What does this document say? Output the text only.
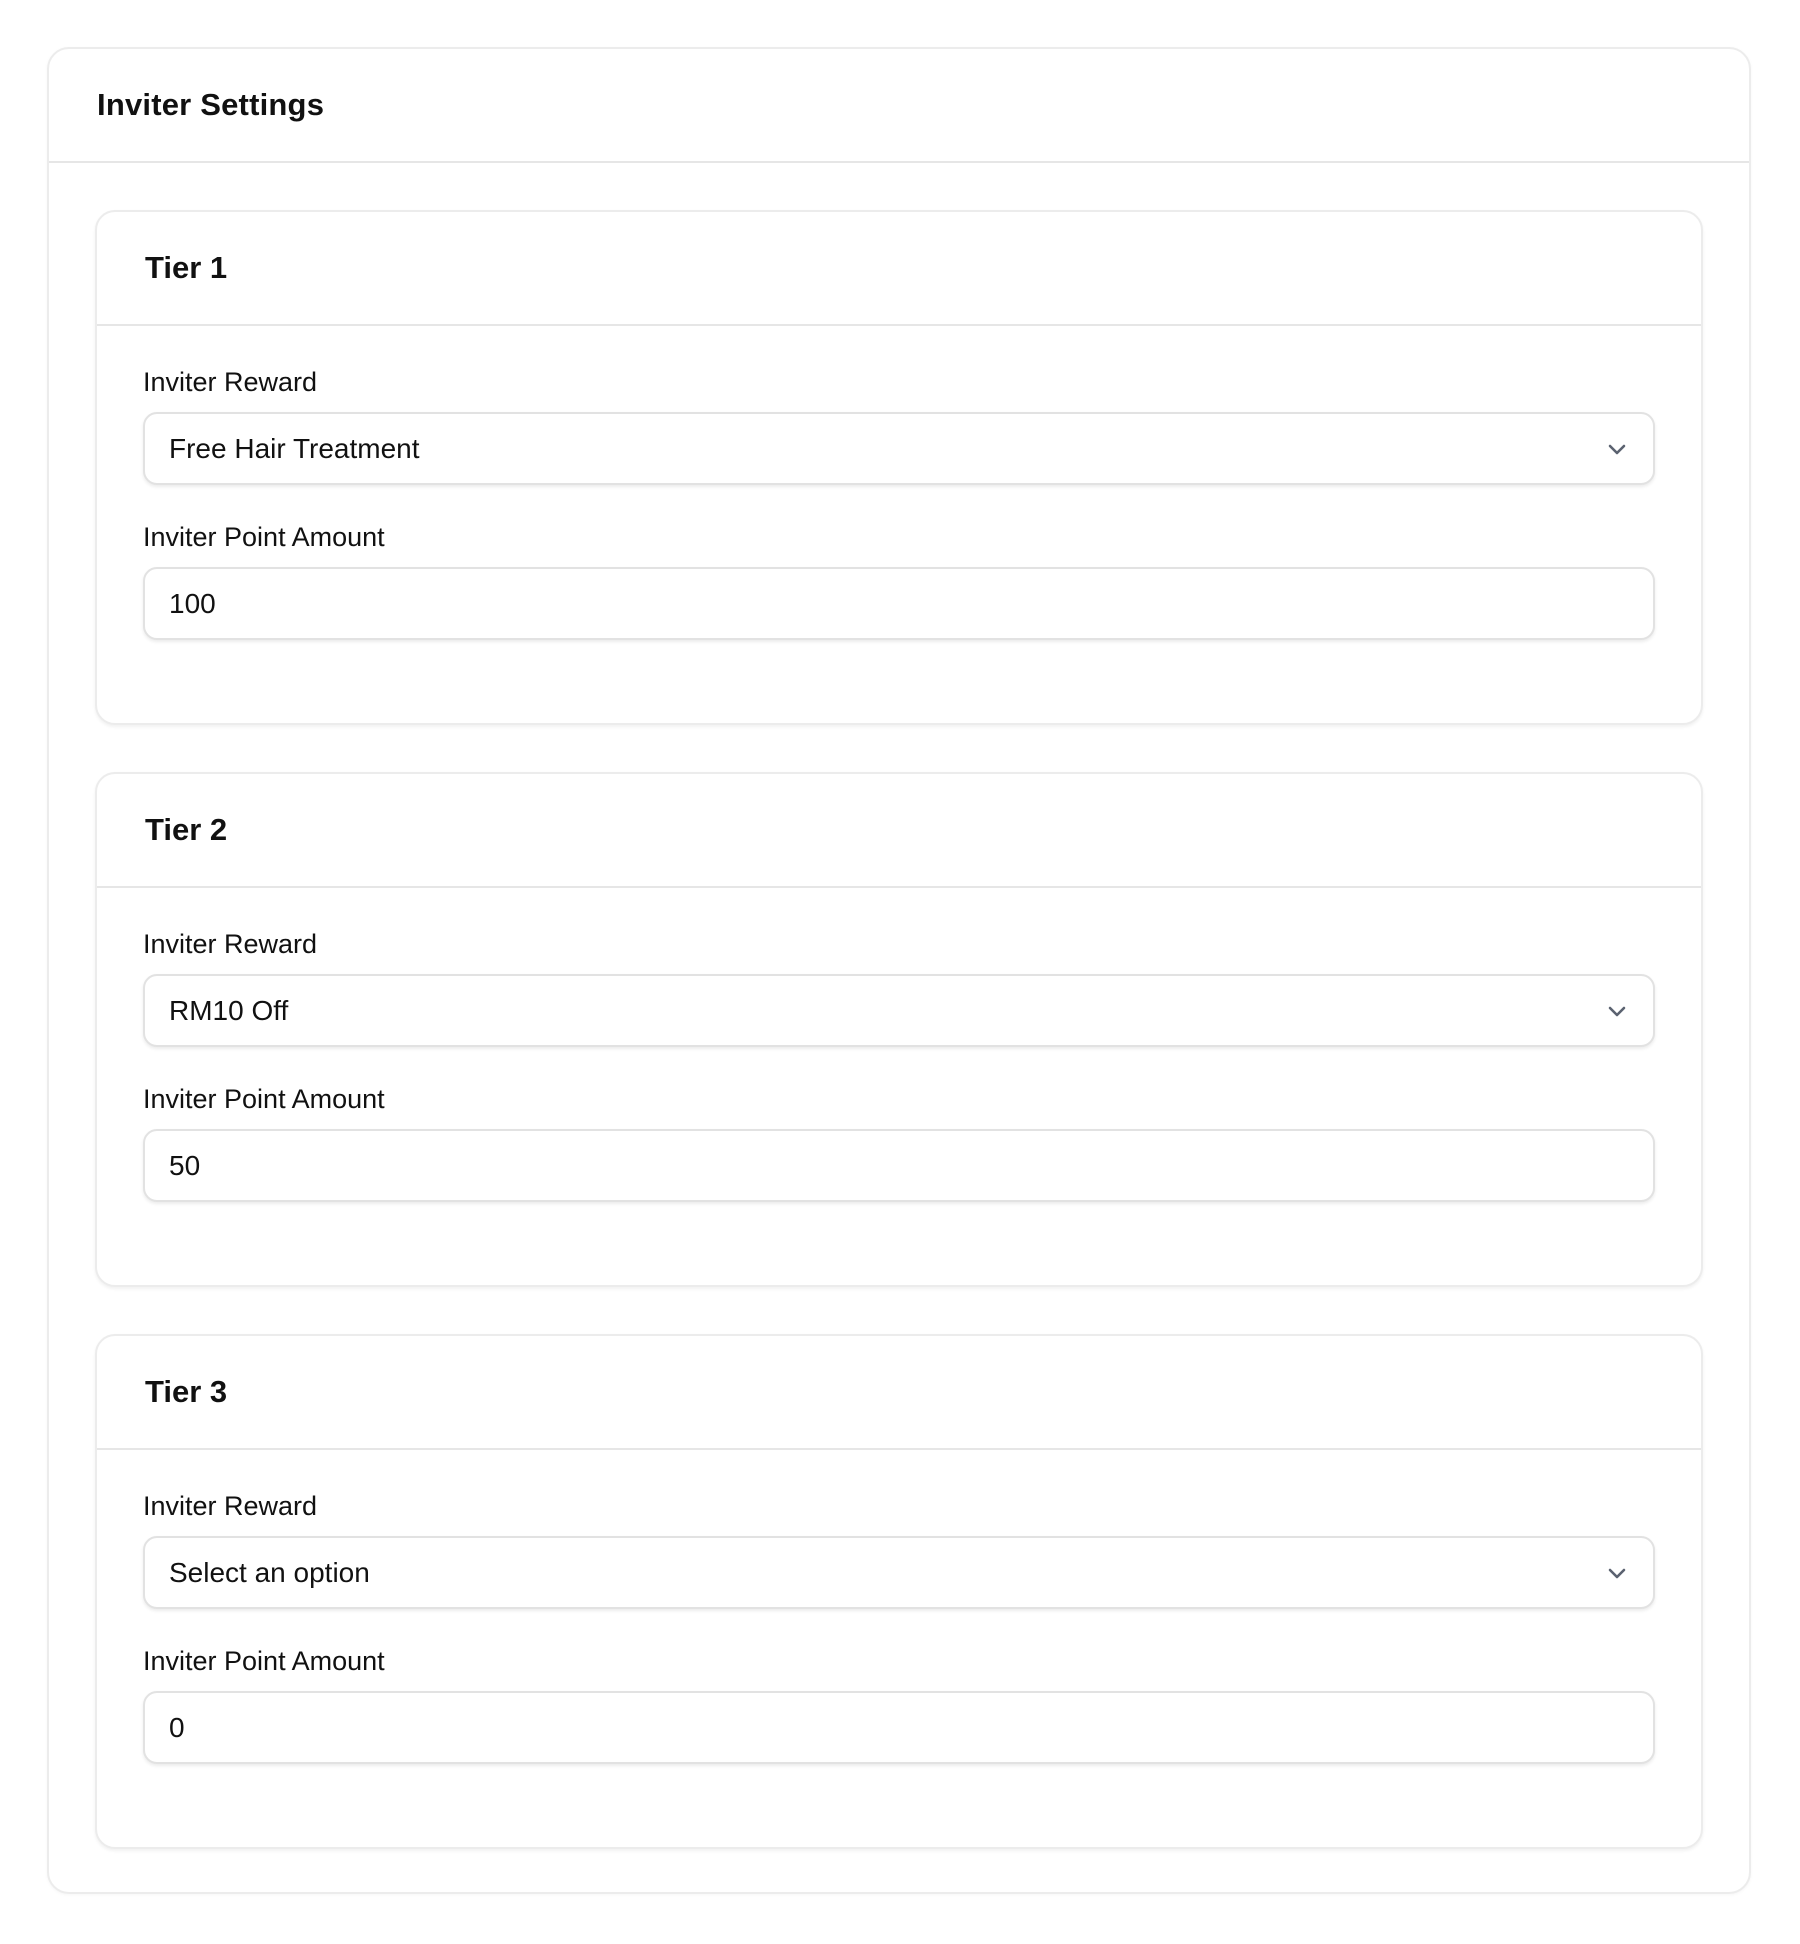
Inviter Settings
Tier 1
Inviter Reward
Free Hair Treatment
Inviter Point Amount
100
Tier 2
Inviter Reward
RM10 Off
Inviter Point Amount
50
Tier 3
Inviter Reward
Select an option
Inviter Point Amount
0
